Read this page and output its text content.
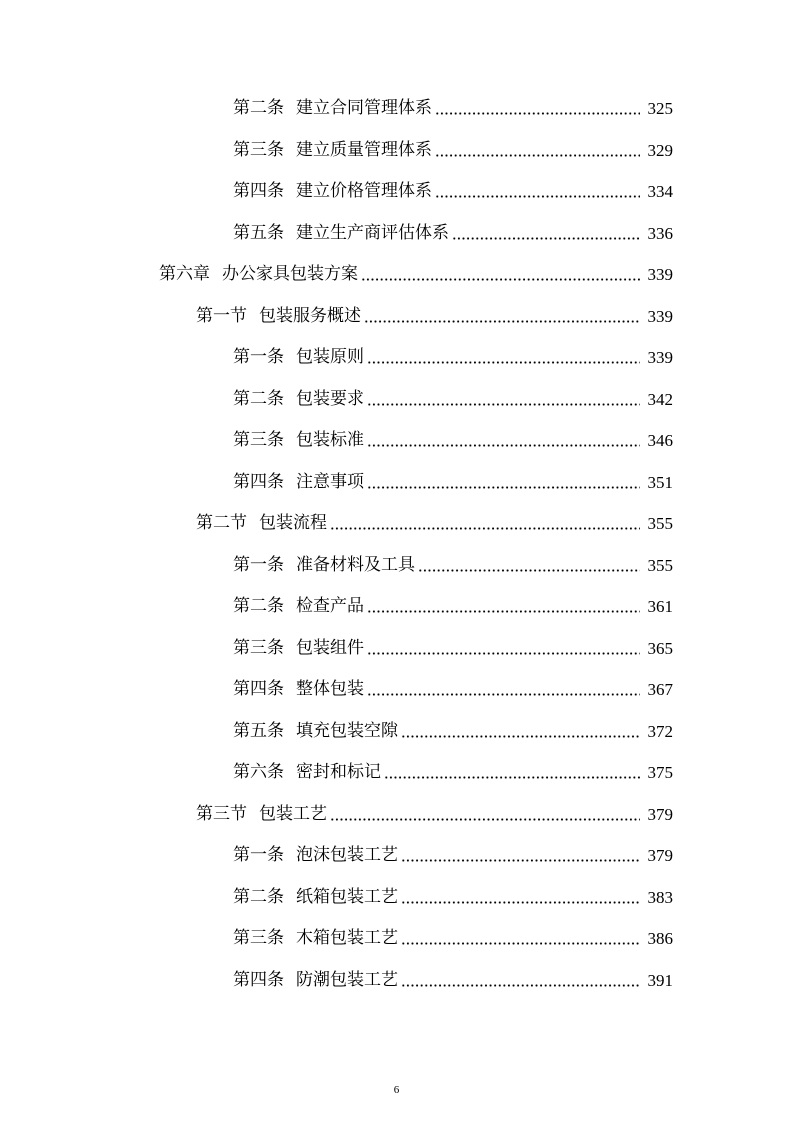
第二条 建立合同管理体系	325
第三条 建立质量管理体系	329
第四条 建立价格管理体系	334
第五条 建立生产商评估体系	336
第六章 办公家具包装方案	339
第一节 包装服务概述	339
第一条 包装原则	339
第二条 包装要求	342
第三条 包装标准	346
第四条 注意事项	351
第二节 包装流程	355
第一条 准备材料及工具	355
第二条 检查产品	361
第三条 包装组件	365
第四条 整体包装	367
第五条 填充包装空隙	372
第六条 密封和标记	375
第三节 包装工艺	379
第一条 泡沫包装工艺	379
第二条 纸箱包装工艺	383
第三条 木箱包装工艺	386
第四条 防潮包装工艺	391
6
